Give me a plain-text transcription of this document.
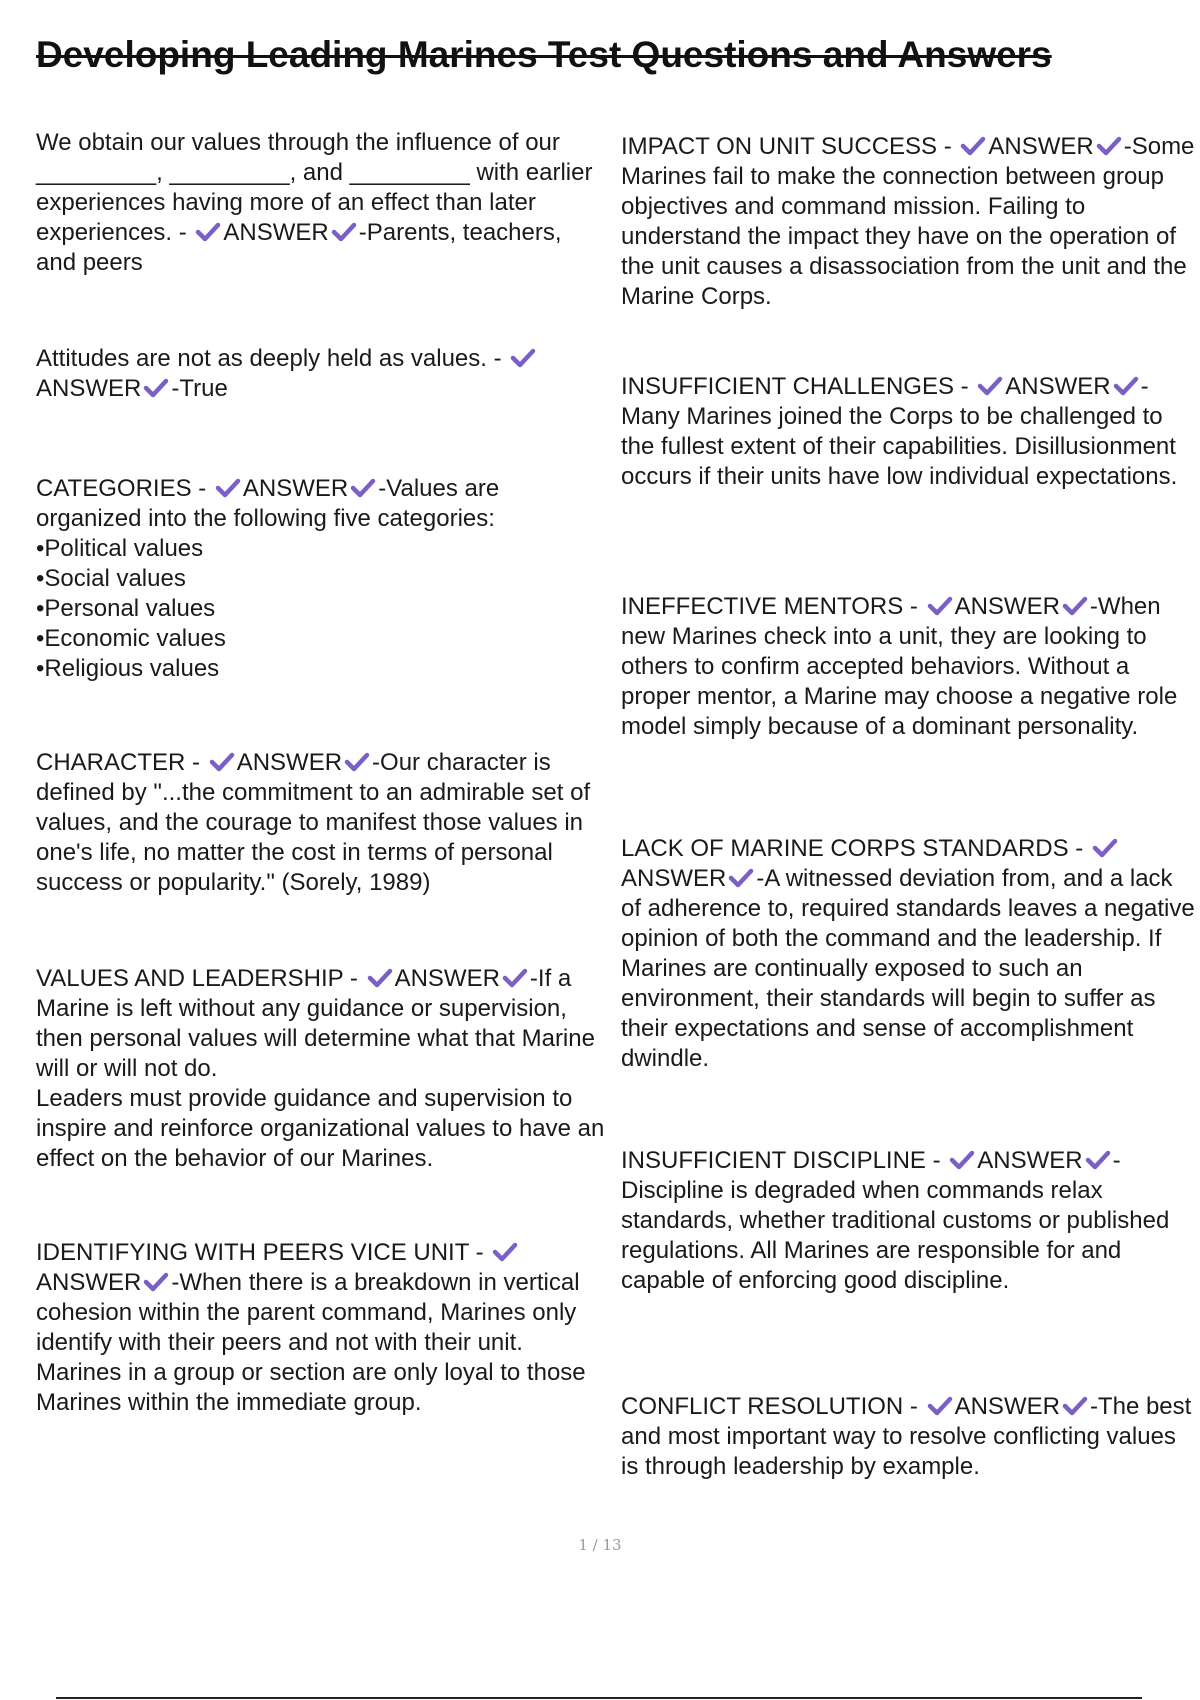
Developing Leading Marines Test Questions and Answers
We obtain our values through the influence of our _________, _________, and _________ with earlier experiences having more of an effect than later experiences. - ANSWER -Parents, teachers, and peers
Attitudes are not as deeply held as values. -
ANSWER -True
CATEGORIES - ANSWER -Values are organized into the following five categories:
• Political values
• Social values
• Personal values
• Economic values
• Religious values
CHARACTER - ANSWER -Our character is defined by "...the commitment to an admirable set of values, and the courage to manifest those values in one's life, no matter the cost in terms of personal success or popularity." (Sorely, 1989)
VALUES AND LEADERSHIP - ANSWER -If a Marine is left without any guidance or supervision, then personal values will determine what that Marine will or will not do.
Leaders must provide guidance and supervision to inspire and reinforce organizational values to have an effect on the behavior of our Marines.
IDENTIFYING WITH PEERS VICE UNIT -
ANSWER -When there is a breakdown in vertical cohesion within the parent command, Marines only identify with their peers and not with their unit. Marines in a group or section are only loyal to those Marines within the immediate group.
IMPACT ON UNIT SUCCESS - ANSWER -Some Marines fail to make the connection between group objectives and command mission. Failing to understand the impact they have on the operation of the unit causes a disassociation from the unit and the Marine Corps.
INSUFFICIENT CHALLENGES - ANSWER -Many Marines joined the Corps to be challenged to the fullest extent of their capabilities. Disillusionment occurs if their units have low individual expectations.
INEFFECTIVE MENTORS - ANSWER -When new Marines check into a unit, they are looking to others to confirm accepted behaviors. Without a proper mentor, a Marine may choose a negative role model simply because of a dominant personality.
LACK OF MARINE CORPS STANDARDS -
ANSWER -A witnessed deviation from, and a lack of adherence to, required standards leaves a negative opinion of both the command and the leadership. If Marines are continually exposed to such an environment, their standards will begin to suffer as their expectations and sense of accomplishment dwindle.
INSUFFICIENT DISCIPLINE - ANSWER -Discipline is degraded when commands relax standards, whether traditional customs or published regulations. All Marines are responsible for and capable of enforcing good discipline.
CONFLICT RESOLUTION - ANSWER -The best and most important way to resolve conflicting values is through leadership by example.
1 / 13
